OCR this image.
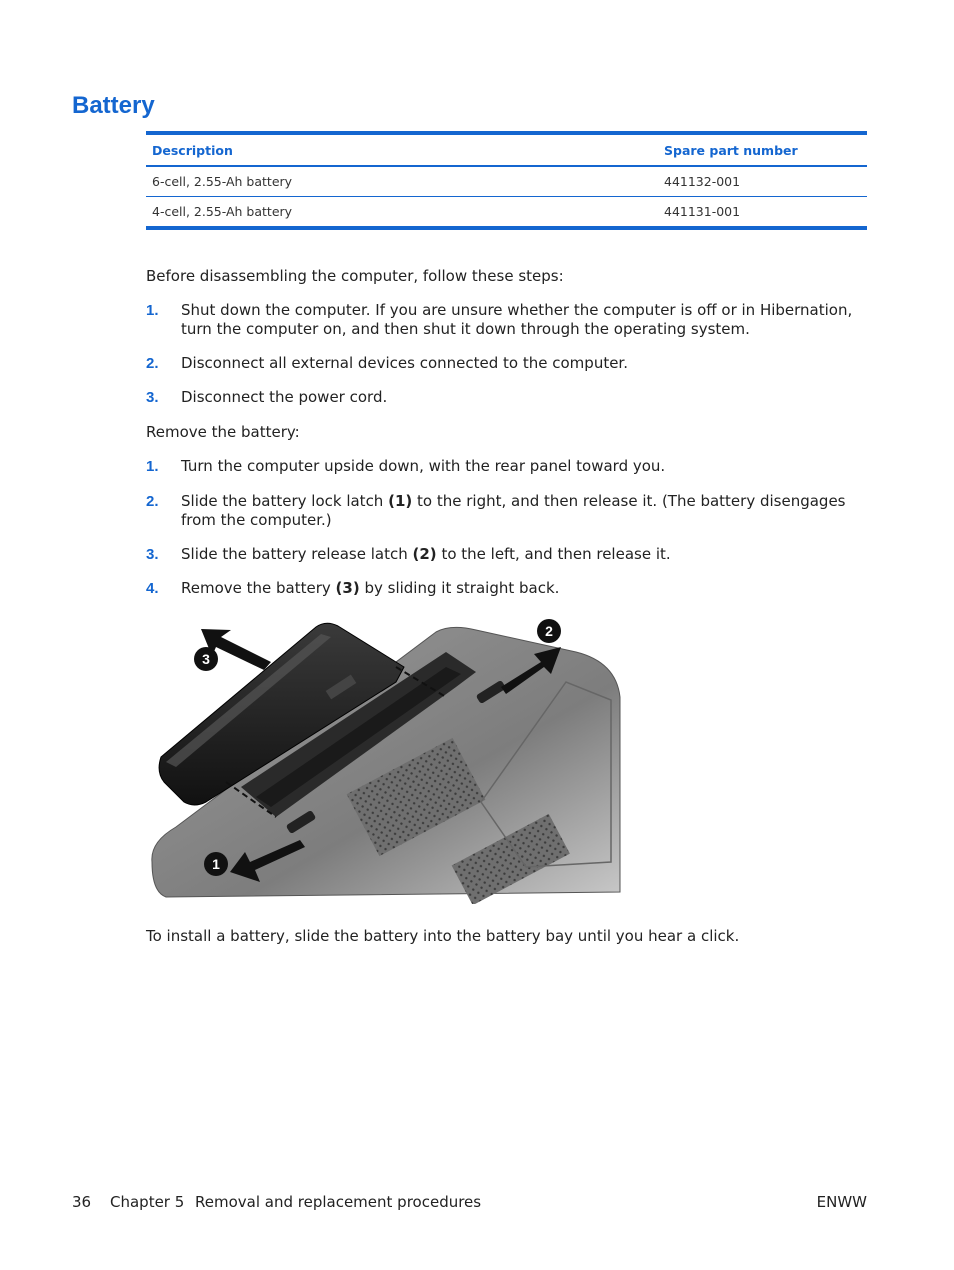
Battery
Description	Spare part number
6-cell, 2.55-Ah battery	441132-001
4-cell, 2.55-Ah battery	441131-001

Before disassembling the computer, follow these steps:

1. Shut down the computer. If you are unsure whether the computer is off or in Hibernation, turn the computer on, and then shut it down through the operating system.
2. Disconnect all external devices connected to the computer.
3. Disconnect the power cord.

Remove the battery:

1. Turn the computer upside down, with the rear panel toward you.
2. Slide the battery lock latch (1) to the right, and then release it. (The battery disengages from the computer.)
3. Slide the battery release latch (2) to the left, and then release it.
4. Remove the battery (3) by sliding it straight back.
3
2
1

To install a battery, slide the battery into the battery bay until you hear a click.

36 Chapter 5 Removal and replacement procedures	ENWW
